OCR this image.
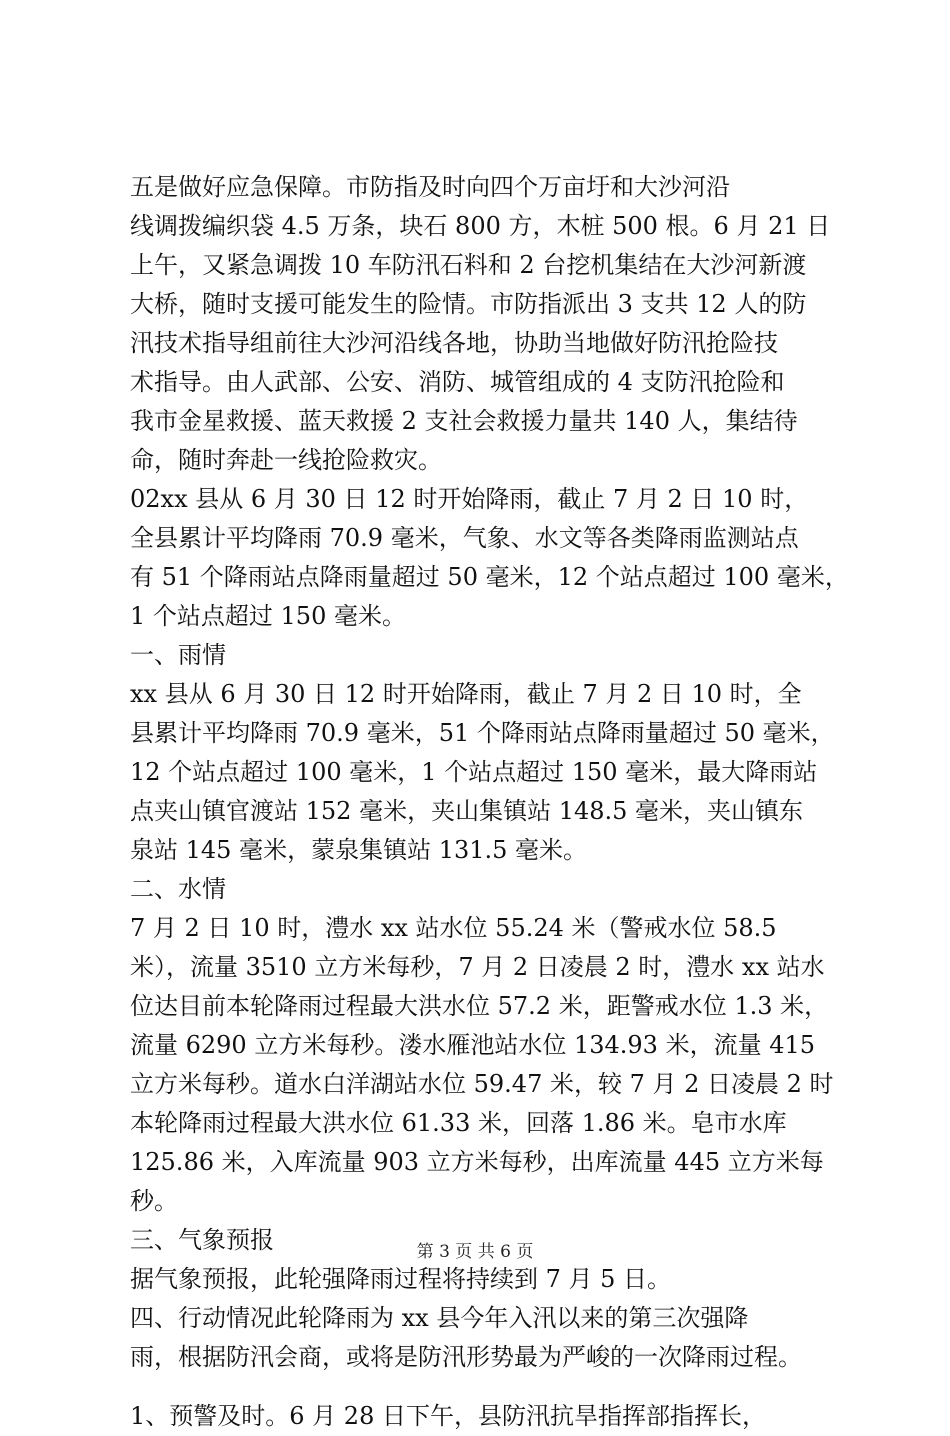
五是做好应急保障。市防指及时向四个万亩圩和大沙河沿
线调拨编织袋 4.5 万条，块石 800 方，木桩 500 根。6 月 21 日
上午，又紧急调拨 10 车防汛石料和 2 台挖机集结在大沙河新渡
大桥，随时支援可能发生的险情。市防指派出 3 支共 12 人的防
汛技术指导组前往大沙河沿线各地，协助当地做好防汛抢险技
术指导。由人武部、公安、消防、城管组成的 4 支防汛抢险和
我市金星救援、蓝天救援 2 支社会救援力量共 140 人，集结待
命，随时奔赴一线抢险救灾。
02xx 县从 6 月 30 日 12 时开始降雨，截止 7 月 2 日 10 时，
全县累计平均降雨 70.9 毫米，气象、水文等各类降雨监测站点
有 51 个降雨站点降雨量超过 50 毫米，12 个站点超过 100 毫米，
1 个站点超过 150 毫米。
一、雨情
xx 县从 6 月 30 日 12 时开始降雨，截止 7 月 2 日 10 时，全
县累计平均降雨 70.9 毫米，51 个降雨站点降雨量超过 50 毫米，
12 个站点超过 100 毫米，1 个站点超过 150 毫米，最大降雨站
点夹山镇官渡站 152 毫米，夹山集镇站 148.5 毫米，夹山镇东
泉站 145 毫米，蒙泉集镇站 131.5 毫米。
二、水情
7 月 2 日 10 时，澧水 xx 站水位 55.24 米（警戒水位 58.5
米），流量 3510 立方米每秒，7 月 2 日凌晨 2 时，澧水 xx 站水
位达目前本轮降雨过程最大洪水位 57.2 米，距警戒水位 1.3 米，
流量 6290 立方米每秒。溇水雁池站水位 134.93 米，流量 415
立方米每秒。道水白洋湖站水位 59.47 米，较 7 月 2 日凌晨 2 时
本轮降雨过程最大洪水位 61.33 米，回落 1.86 米。皂市水库
125.86 米，入库流量 903 立方米每秒，出库流量 445 立方米每
秒。
三、气象预报
据气象预报，此轮强降雨过程将持续到 7 月 5 日。
四、行动情况此轮降雨为 xx 县今年入汛以来的第三次强降
雨，根据防汛会商，或将是防汛形势最为严峻的一次降雨过程。
1、预警及时。6 月 28 日下午，县防汛抗旱指挥部指挥长，
第 3 页 共 6 页
